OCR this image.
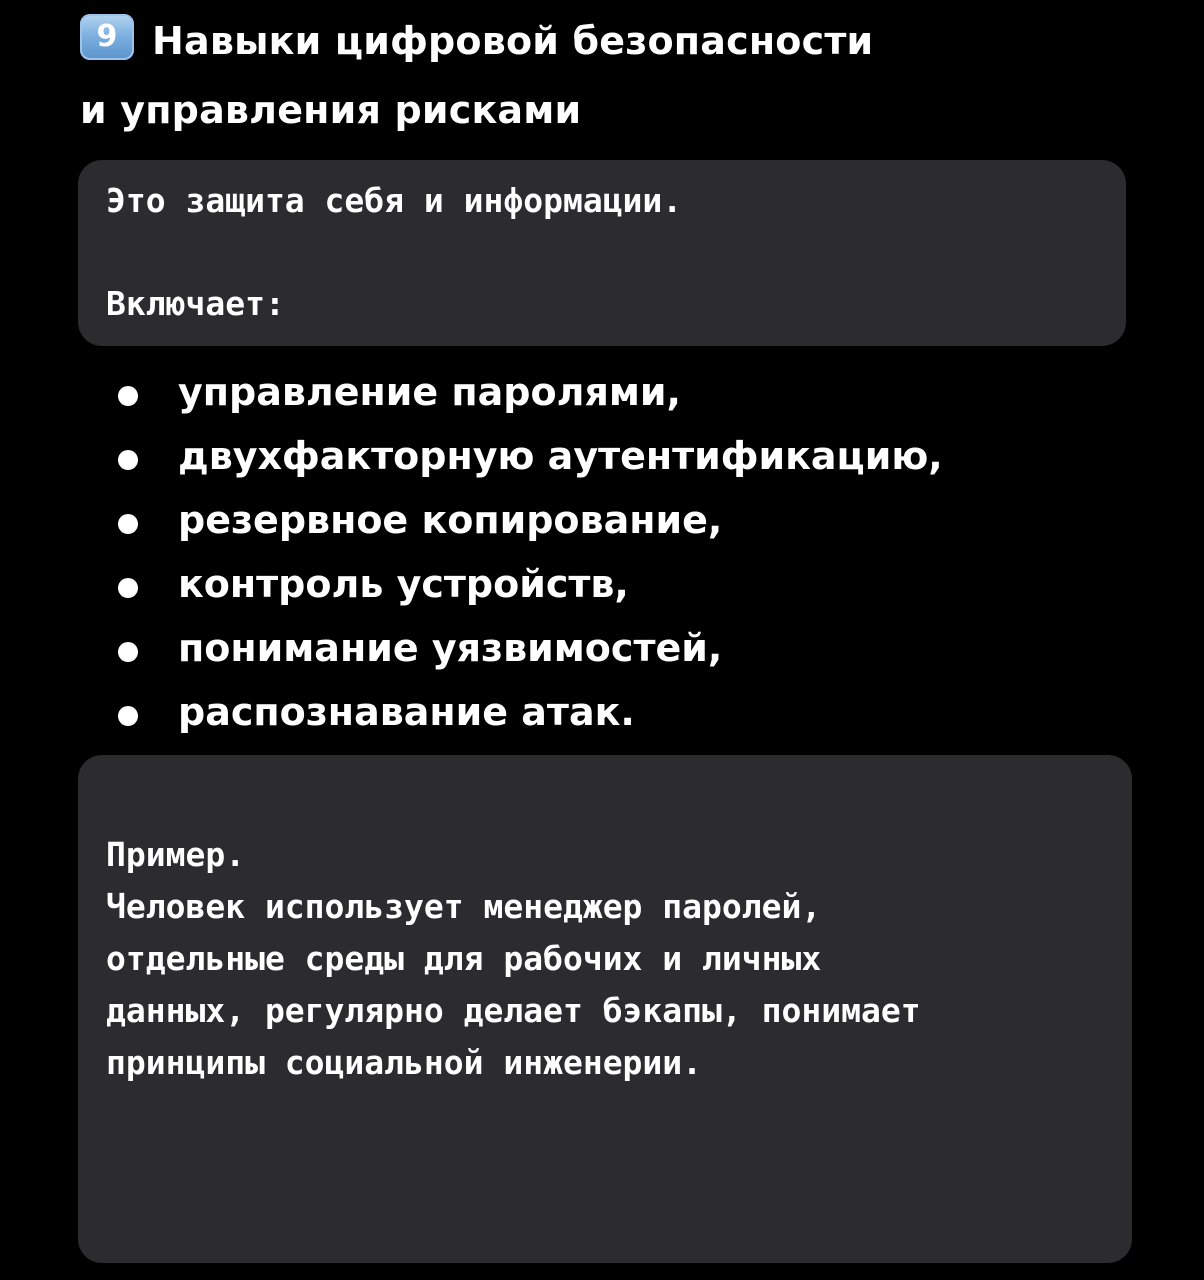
9 Навыки цифровой безопасности
и управления рисками

Это защита себя и информации.

Включает:

управление паролями,
двухфакторную аутентификацию,
резервное копирование,
контроль устройств,
понимание уязвимостей,
распознавание атак.

Пример.

Человек использует менеджер паролей,

отдельные среды для рабочих и личных

данных, регулярно делает бэкапы, понимает

принципы социальной инженерии.
